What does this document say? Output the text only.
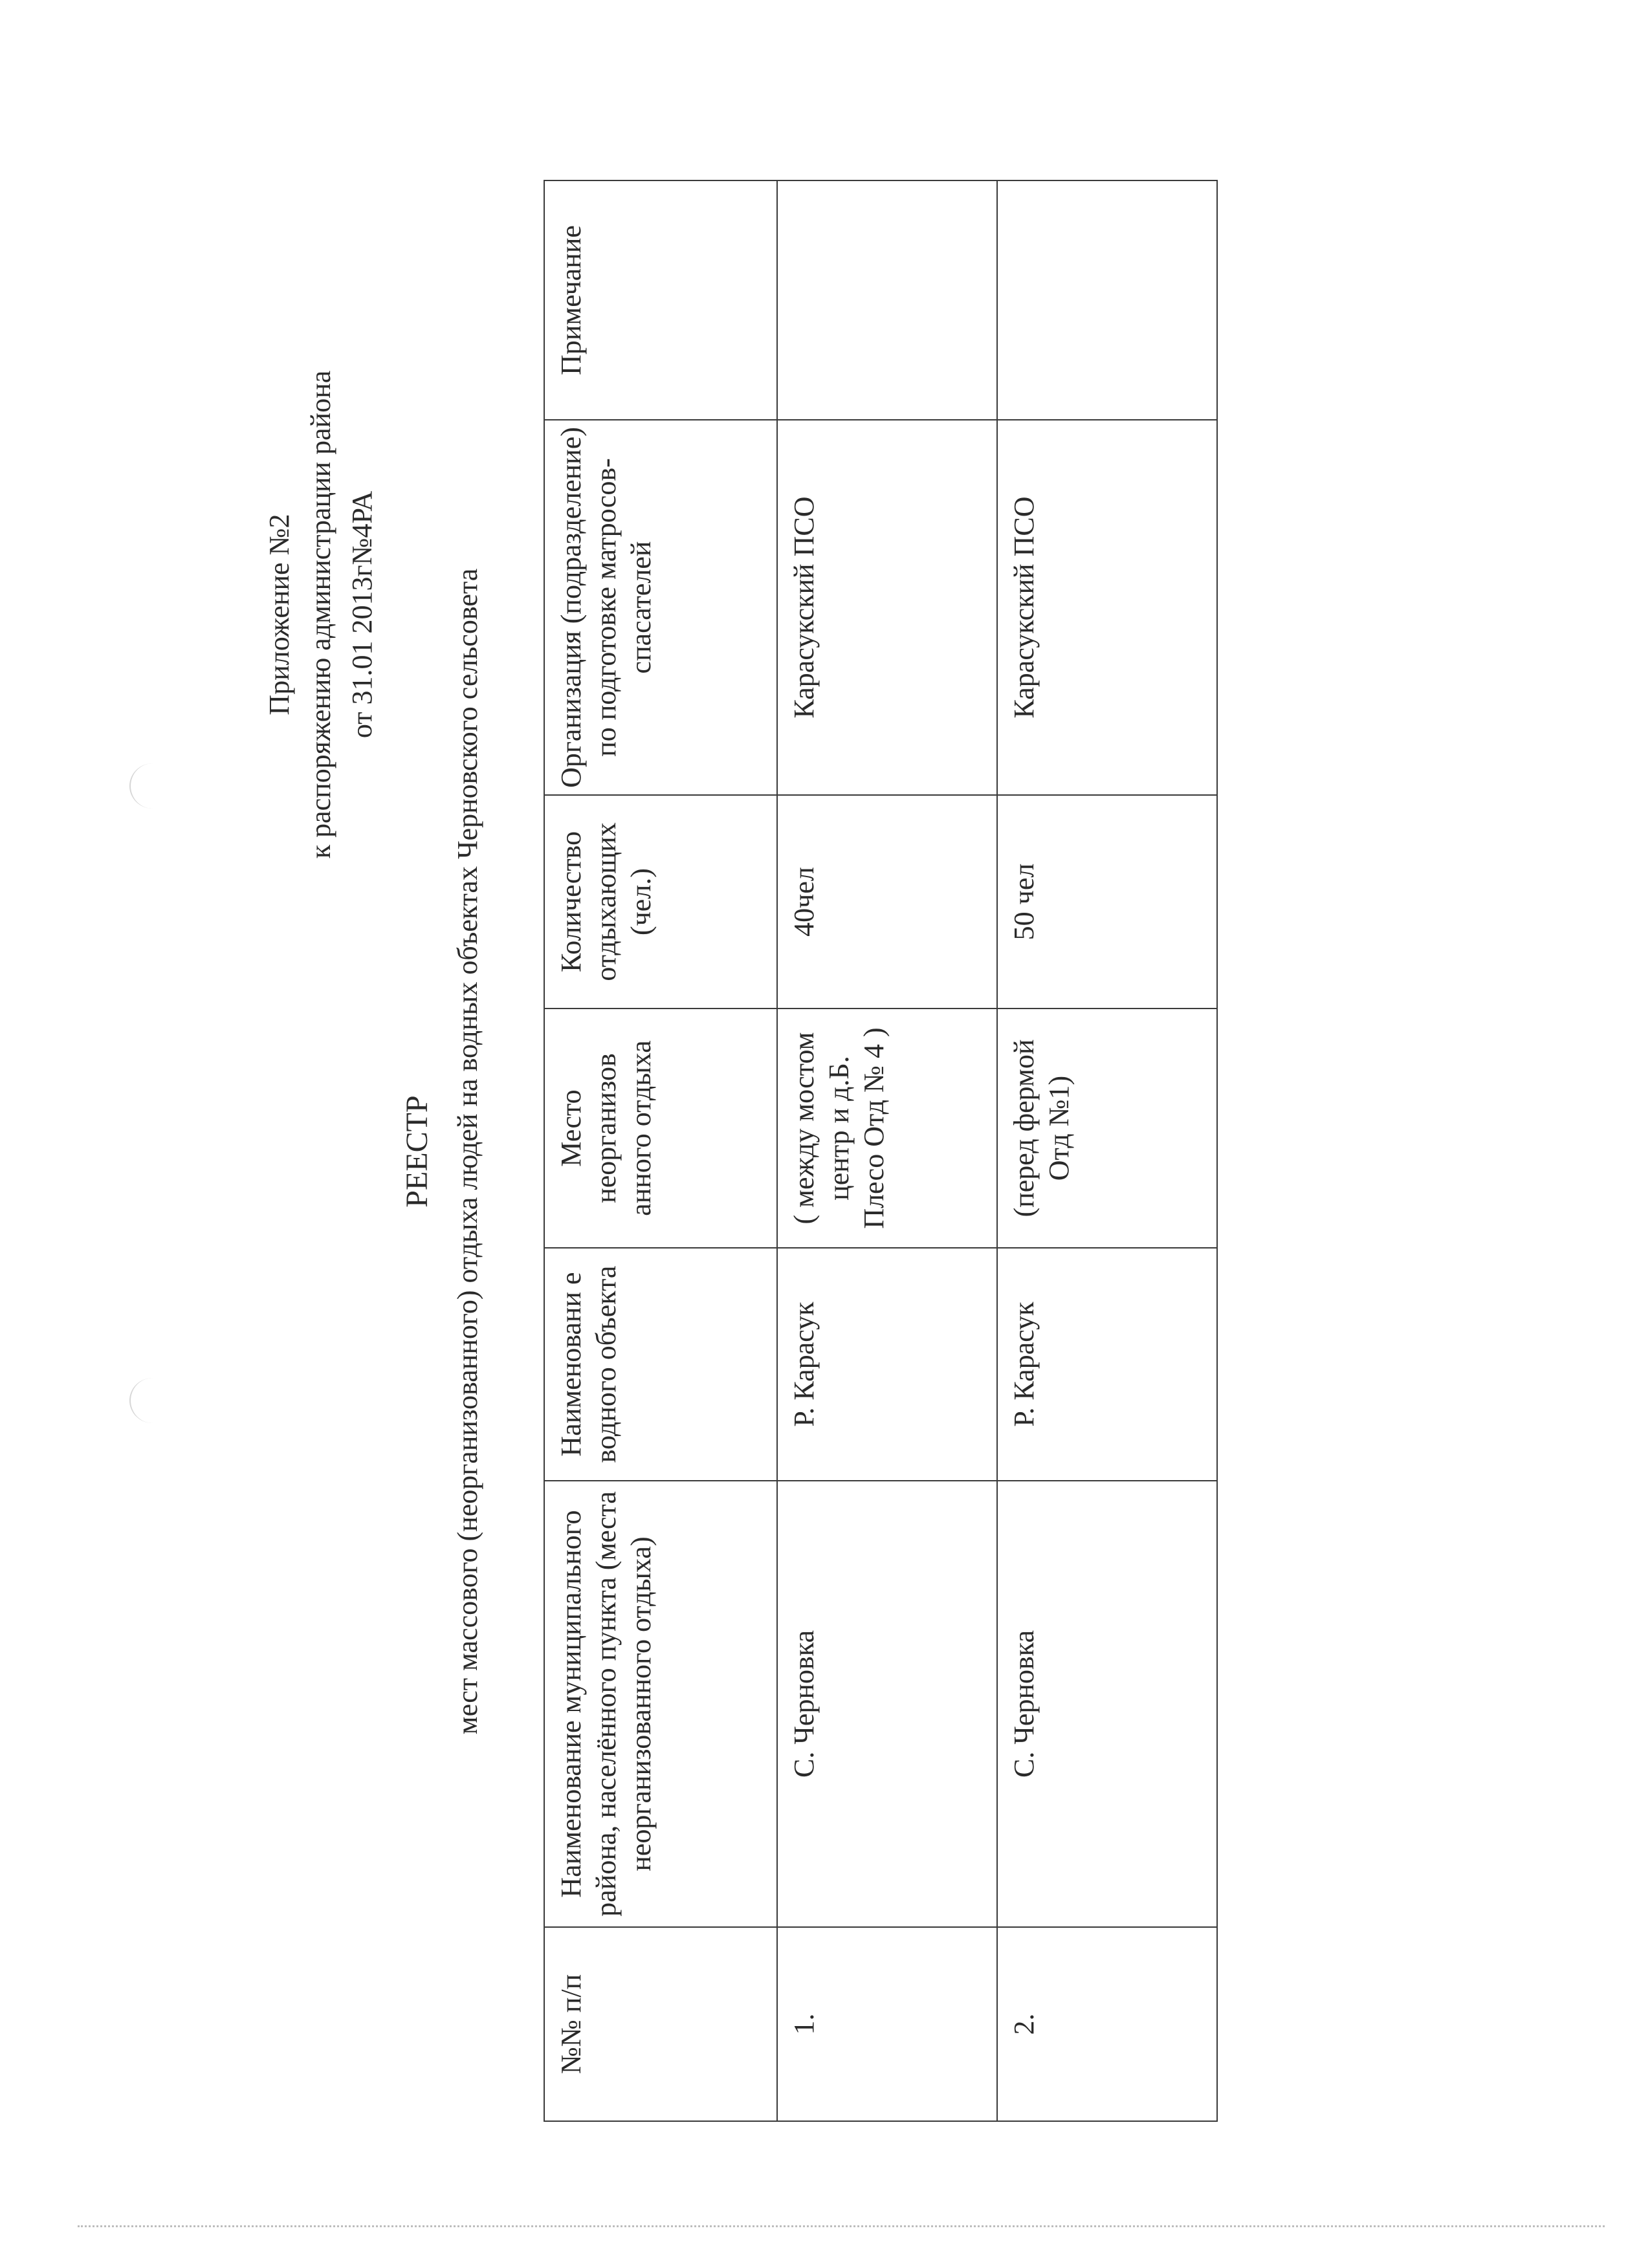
Приложение №2 к распоряжению администрации района от 31.01 2013г№4РА
РЕЕСТР мест массового (неорганизованного) отдыха людей на водных объектах Черновского сельсовета
№№ п/п	Наименование муниципального района, населённого пункта (места неорганизованного отдыха)	Наименовани е водного объекта	Место неорганизов анного отдыха	Количество отдыхающих (чел.)	Организация (подразделение) по подготовке матросов-спасателей	Примечание
1.	С. Черновка	Р. Карасук	( между мостом центр и д.Б. Плесо Отд № 4 )	40чел	Карасукский ПСО	
2.	С. Черновка	Р. Карасук	(перед фермой Отд №1)	50 чел	Карасукский ПСО	
